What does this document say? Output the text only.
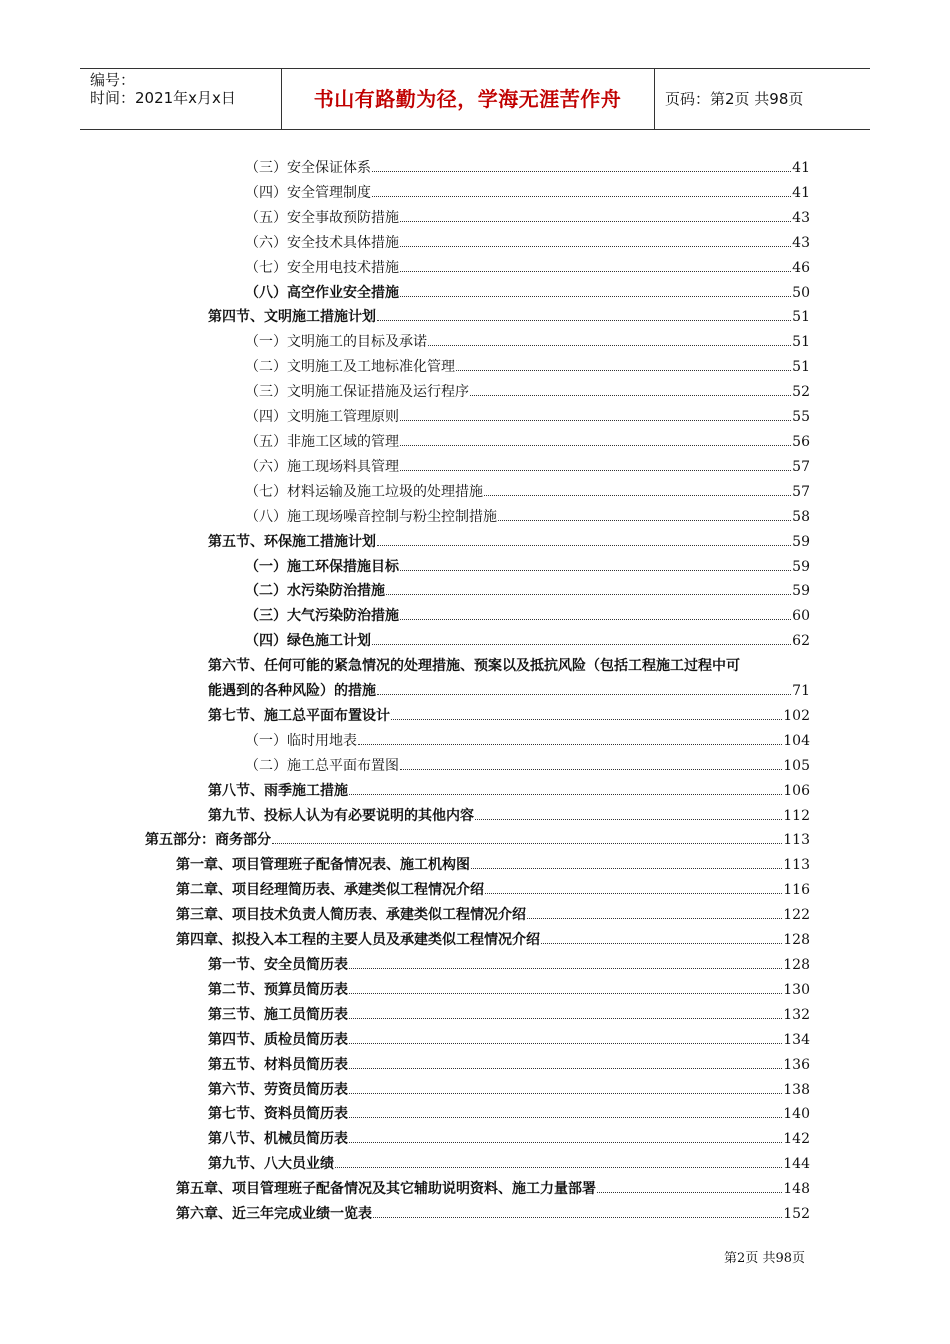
编号：
时间：2021年x月x日	书山有路勤为径，学海无涯苦作舟	页码：第2页 共98页
（三）安全保证体系	41
（四）安全管理制度	41
（五）安全事故预防措施	43
（六）安全技术具体措施	43
（七）安全用电技术措施	46
（八）高空作业安全措施	50
第四节、文明施工措施计划	51
（一）文明施工的目标及承诺	51
（二）文明施工及工地标准化管理	51
（三）文明施工保证措施及运行程序	52
（四）文明施工管理原则	55
（五）非施工区域的管理	56
（六）施工现场料具管理	57
（七）材料运输及施工垃圾的处理措施	57
（八）施工现场噪音控制与粉尘控制措施	58
第五节、环保施工措施计划	59
（一）施工环保措施目标	59
（二）水污染防治措施	59
（三）大气污染防治措施	60
（四）绿色施工计划	62
第六节、任何可能的紧急情况的处理措施、预案以及抵抗风险（包括工程施工过程中可
能遇到的各种风险）的措施	71
第七节、施工总平面布置设计	102
（一）临时用地表	104
（二）施工总平面布置图	105
第八节、雨季施工措施	106
第九节、投标人认为有必要说明的其他内容	112
第五部分：商务部分	113
第一章、项目管理班子配备情况表、施工机构图	113
第二章、项目经理简历表、承建类似工程情况介绍	116
第三章、项目技术负责人简历表、承建类似工程情况介绍	122
第四章、拟投入本工程的主要人员及承建类似工程情况介绍	128
第一节、安全员简历表	128
第二节、预算员简历表	130
第三节、施工员简历表	132
第四节、质检员简历表	134
第五节、材料员简历表	136
第六节、劳资员简历表	138
第七节、资料员简历表	140
第八节、机械员简历表	142
第九节、八大员业绩	144
第五章、项目管理班子配备情况及其它辅助说明资料、施工力量部署	148
第六章、近三年完成业绩一览表	152
第2页 共98页
